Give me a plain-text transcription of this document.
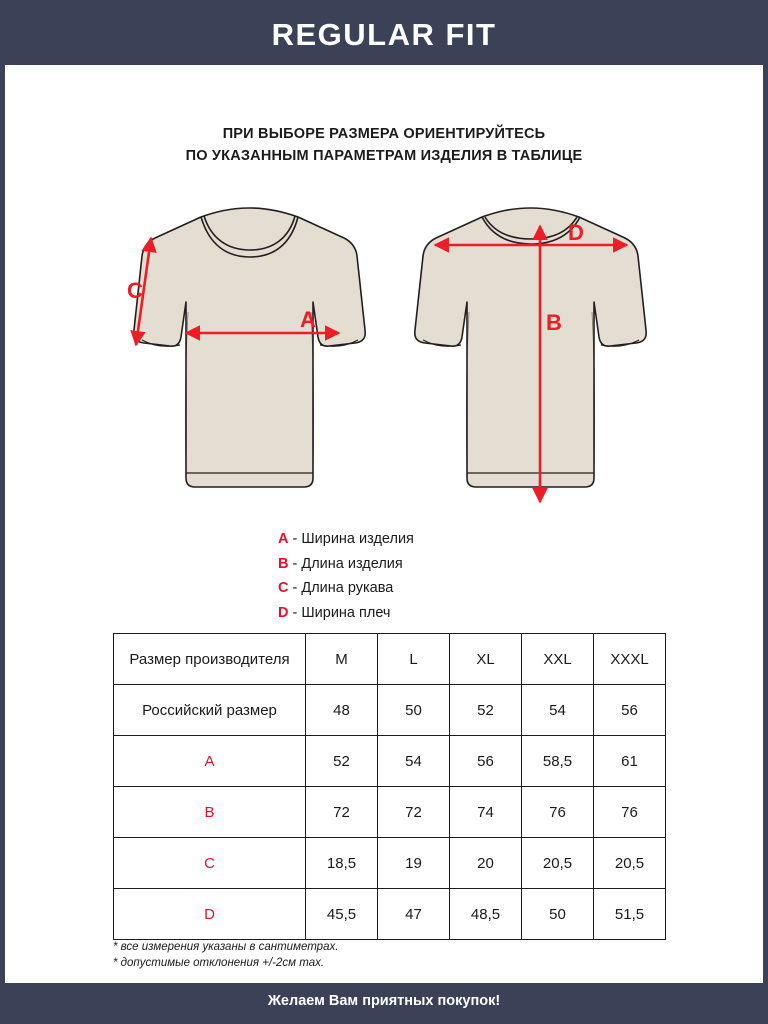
REGULAR FIT
ПРИ ВЫБОРЕ РАЗМЕРА ОРИЕНТИРУЙТЕСЬ
ПО УКАЗАННЫМ ПАРАМЕТРАМ ИЗДЕЛИЯ В ТАБЛИЦЕ
A
C
D
B
A - Ширина изделия
B - Длина изделия
C - Длина рукава
D - Ширина плеч
Размер производителя	M	L	XL	XXL	XXXL
Российский размер	48	50	52	54	56
A	52	54	56	58,5	61
B	72	72	74	76	76
C	18,5	19	20	20,5	20,5
D	45,5	47	48,5	50	51,5
* все измерения указаны в сантиметрах.
* допустимые отклонения +/-2см max.
Желаем Вам приятных покупок!
